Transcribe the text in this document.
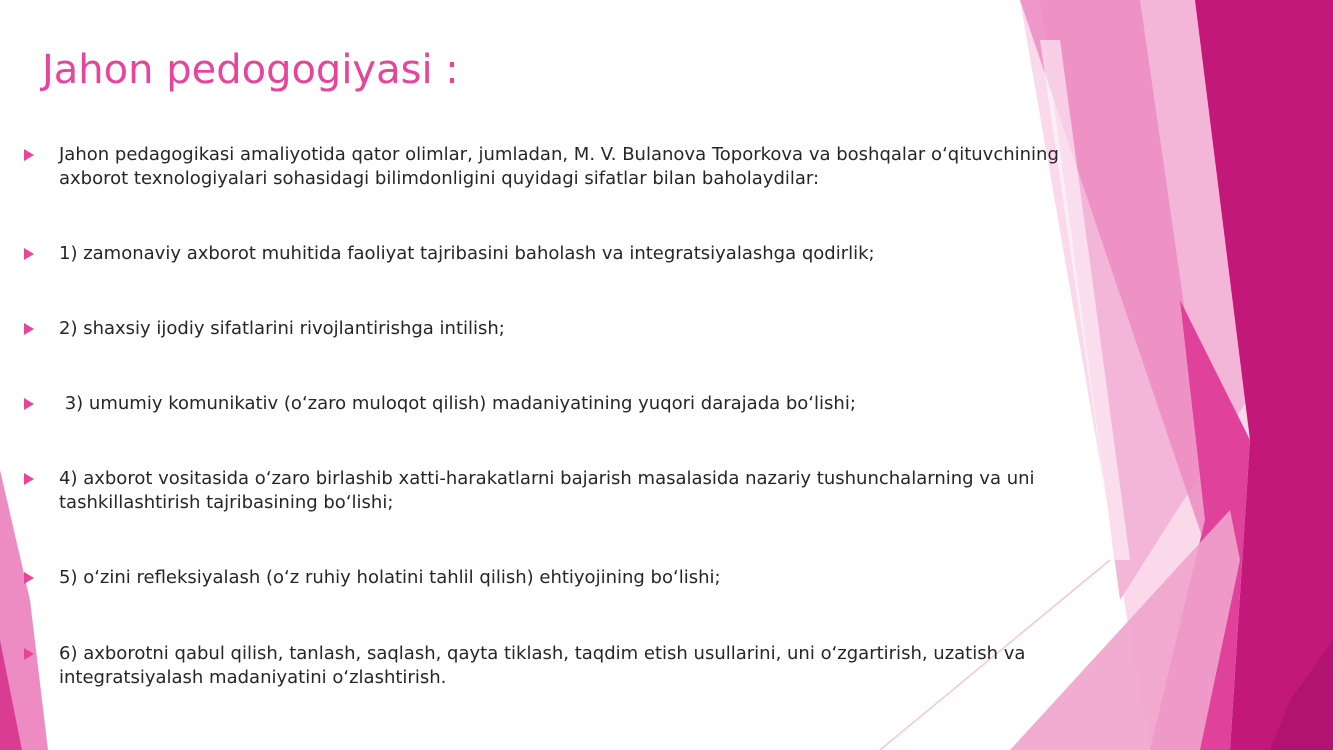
Jahon pedogogiyasi :
Jahon pedagogikasi amaliyotida qator olimlar, jumladan, M. V. Bulanova Toporkova va boshqalar o‘qituvchining axborot texnologiyalari sohasidagi bilimdonligini quyidagi sifatlar bilan baholaydilar:
1) zamonaviy axborot muhitida faoliyat tajribasini baholash va integratsiyalashga qodirlik;
2) shaxsiy ijodiy sifatlarini rivojlantirishga intilish;
3) umumiy komunikativ (o‘zaro muloqot qilish) madaniyatining yuqori darajada bo‘lishi;
4) axborot vositasida o‘zaro birlashib xatti-harakatlarni bajarish masalasida nazariy tushunchalarning va uni tashkillashtirish tajribasining bo‘lishi;
5) o‘zini refleksiyalash (o‘z ruhiy holatini tahlil qilish) ehtiyojining bo‘lishi;
6) axborotni qabul qilish, tanlash, saqlash, qayta tiklash, taqdim etish usullarini, uni o‘zgartirish, uzatish va integratsiyalash madaniyatini o‘zlashtirish.
